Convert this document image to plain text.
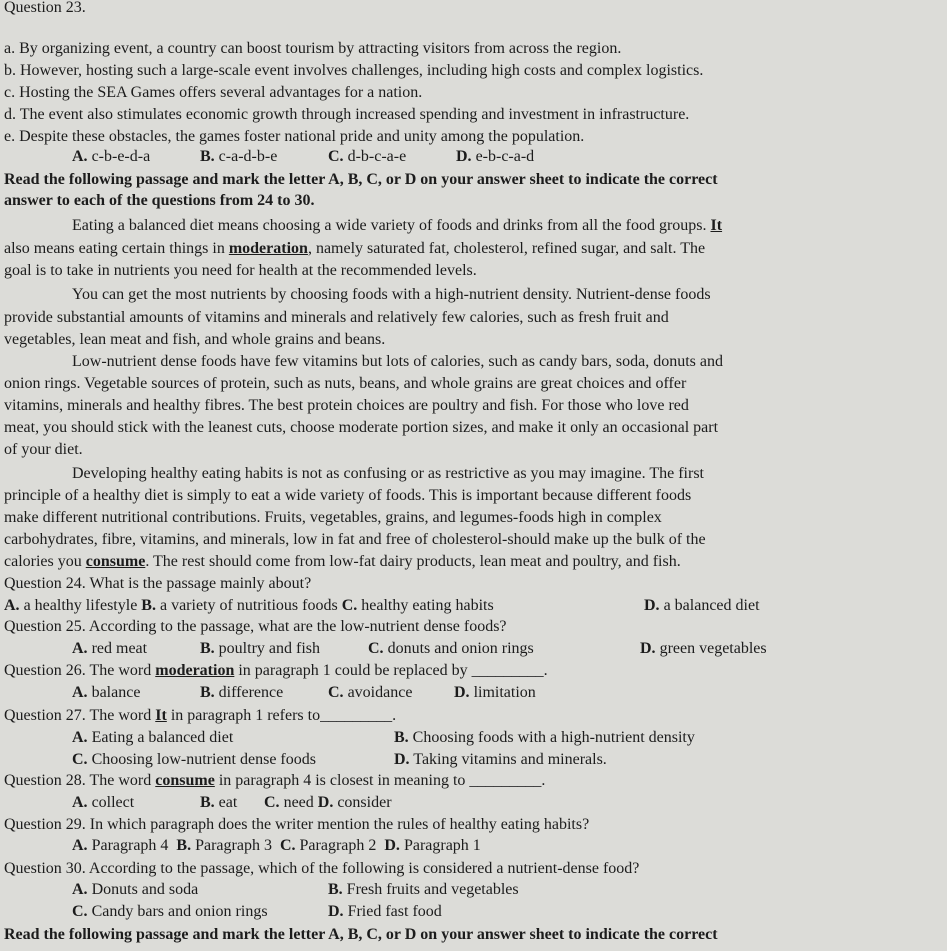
Question 23.
a. By organizing event, a country can boost tourism by attracting visitors from across the region.
b. However, hosting such a large-scale event involves challenges, including high costs and complex logistics.
c. Hosting the SEA Games offers several advantages for a nation.
d. The event also stimulates economic growth through increased spending and investment in infrastructure.
e. Despite these obstacles, the games foster national pride and unity among the population.
A. c-b-e-d-a	B. c-a-d-b-e	C. d-b-c-a-e	D. e-b-c-a-d
Read the following passage and mark the letter A, B, C, or D on your answer sheet to indicate the correct
answer to each of the questions from 24 to 30.
Eating a balanced diet means choosing a wide variety of foods and drinks from all the food groups. It
also means eating certain things in moderation, namely saturated fat, cholesterol, refined sugar, and salt. The
goal is to take in nutrients you need for health at the recommended levels.
You can get the most nutrients by choosing foods with a high-nutrient density. Nutrient-dense foods
provide substantial amounts of vitamins and minerals and relatively few calories, such as fresh fruit and
vegetables, lean meat and fish, and whole grains and beans.
Low-nutrient dense foods have few vitamins but lots of calories, such as candy bars, soda, donuts and
onion rings. Vegetable sources of protein, such as nuts, beans, and whole grains are great choices and offer
vitamins, minerals and healthy fibres. The best protein choices are poultry and fish. For those who love red
meat, you should stick with the leanest cuts, choose moderate portion sizes, and make it only an occasional part
of your diet.
Developing healthy eating habits is not as confusing or as restrictive as you may imagine. The first
principle of a healthy diet is simply to eat a wide variety of foods. This is important because different foods
make different nutritional contributions. Fruits, vegetables, grains, and legumes-foods high in complex
carbohydrates, fibre, vitamins, and minerals, low in fat and free of cholesterol-should make up the bulk of the
calories you consume. The rest should come from low-fat dairy products, lean meat and poultry, and fish.
Question 24. What is the passage mainly about?
A. a healthy lifestyle B. a variety of nutritious foods C. healthy eating habits	D. a balanced diet
Question 25. According to the passage, what are the low-nutrient dense foods?
A. red meat	B. poultry and fish	C. donuts and onion rings	D. green vegetables
Question 26. The word moderation in paragraph 1 could be replaced by _________.
A. balance	B. difference	C. avoidance	D. limitation
Question 27. The word It in paragraph 1 refers to_________.
A. Eating a balanced diet	B. Choosing foods with a high-nutrient density
C. Choosing low-nutrient dense foods	D. Taking vitamins and minerals.
Question 28. The word consume in paragraph 4 is closest in meaning to _________.
A. collect	B. eat C. need D. consider
Question 29. In which paragraph does the writer mention the rules of healthy eating habits?
A. Paragraph 4 B. Paragraph 3 C. Paragraph 2 D. Paragraph 1
Question 30. According to the passage, which of the following is considered a nutrient-dense food?
A. Donuts and soda	B. Fresh fruits and vegetables
C. Candy bars and onion rings	D. Fried fast food
Read the following passage and mark the letter A, B, C, or D on your answer sheet to indicate the correct
